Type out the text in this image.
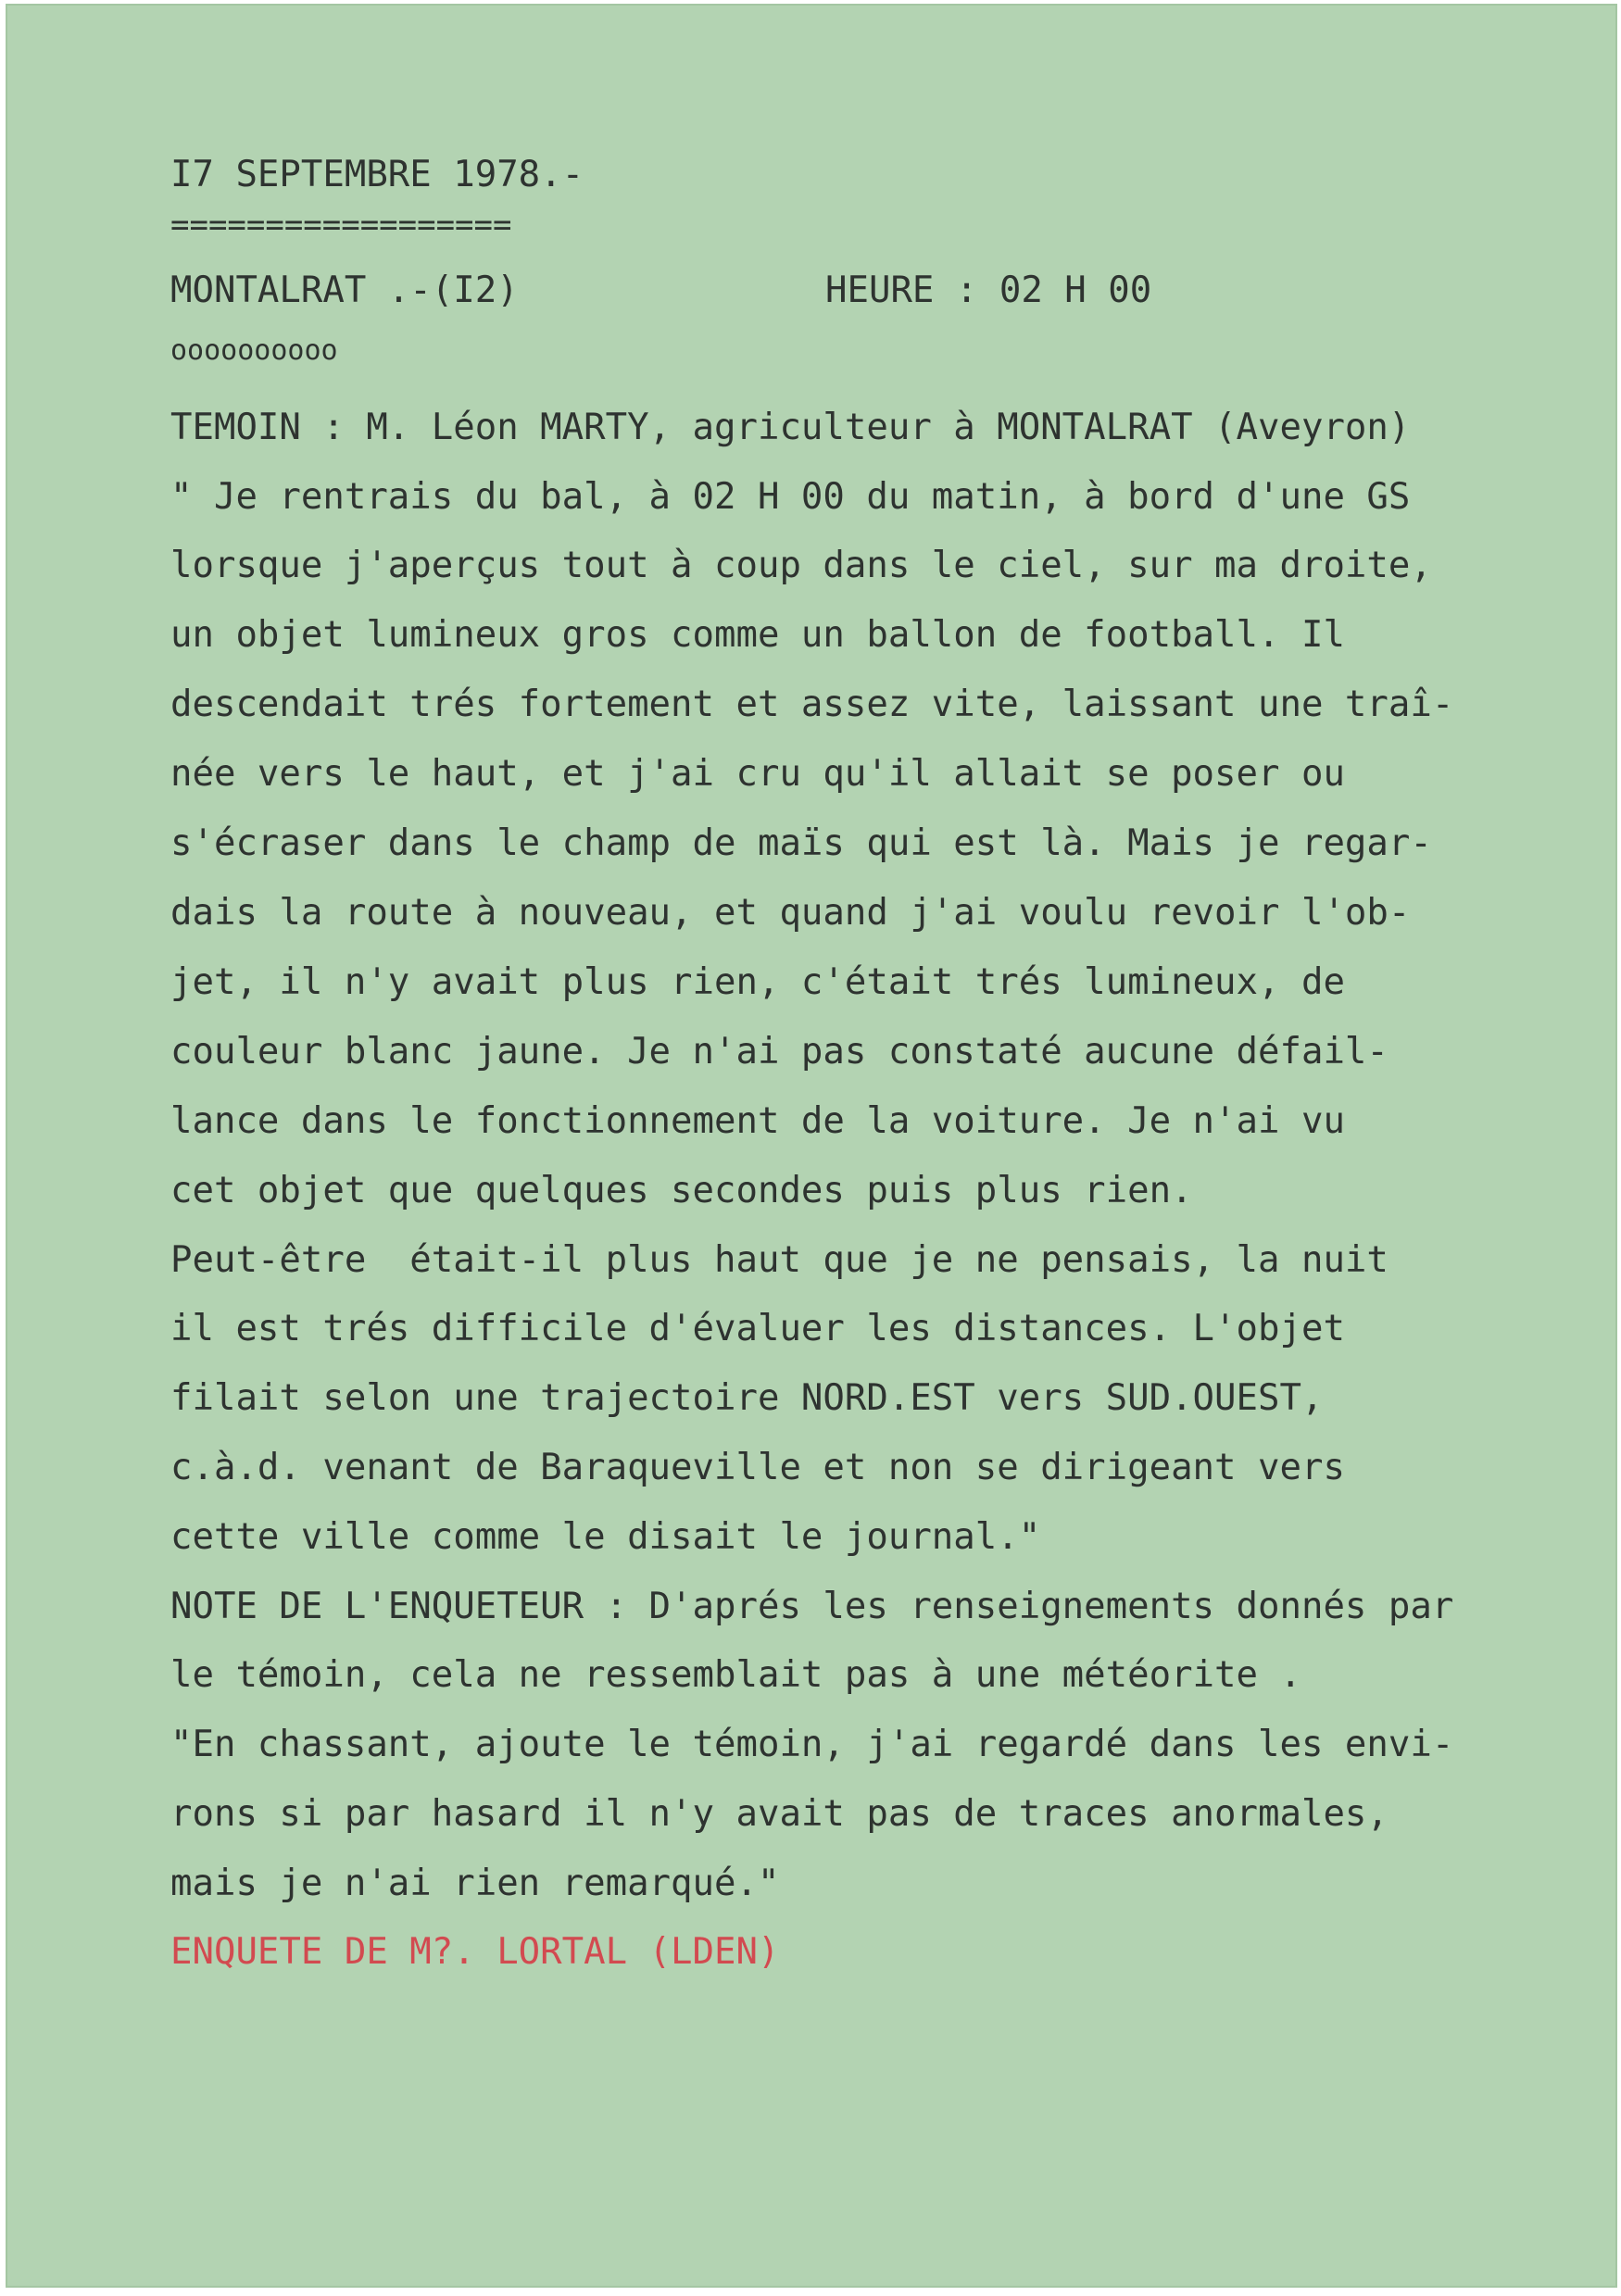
I7 SEPTEMBRE 1978.-
==================
MONTALRAT .-(I2)	HEURE : 02 H 00
oooooooooo
TEMOIN : M. Léon MARTY, agriculteur à MONTALRAT (Aveyron)
" Je rentrais du bal, à 02 H 00 du matin, à bord d'une GS
lorsque j'aperçus tout à coup dans le ciel, sur ma droite,
un objet lumineux gros comme un ballon de football. Il
descendait trés fortement et assez vite, laissant une traî-
née vers le haut, et j'ai cru qu'il allait se poser ou
s'écraser dans le champ de maïs qui est là. Mais je regar-
dais la route à nouveau, et quand j'ai voulu revoir l'ob-
jet, il n'y avait plus rien, c'était trés lumineux, de
couleur blanc jaune. Je n'ai pas constaté aucune défail-
lance dans le fonctionnement de la voiture. Je n'ai vu
cet objet que quelques secondes puis plus rien.
Peut-être  était-il plus haut que je ne pensais, la nuit
il est trés difficile d'évaluer les distances. L'objet
filait selon une trajectoire NORD.EST vers SUD.OUEST,
c.à.d. venant de Baraqueville et non se dirigeant vers
cette ville comme le disait le journal."
NOTE DE L'ENQUETEUR : D'aprés les renseignements donnés par
le témoin, cela ne ressemblait pas à une météorite .
"En chassant, ajoute le témoin, j'ai regardé dans les envi-
rons si par hasard il n'y avait pas de traces anormales,
mais je n'ai rien remarqué."
ENQUETE DE M?. LORTAL (LDEN)
